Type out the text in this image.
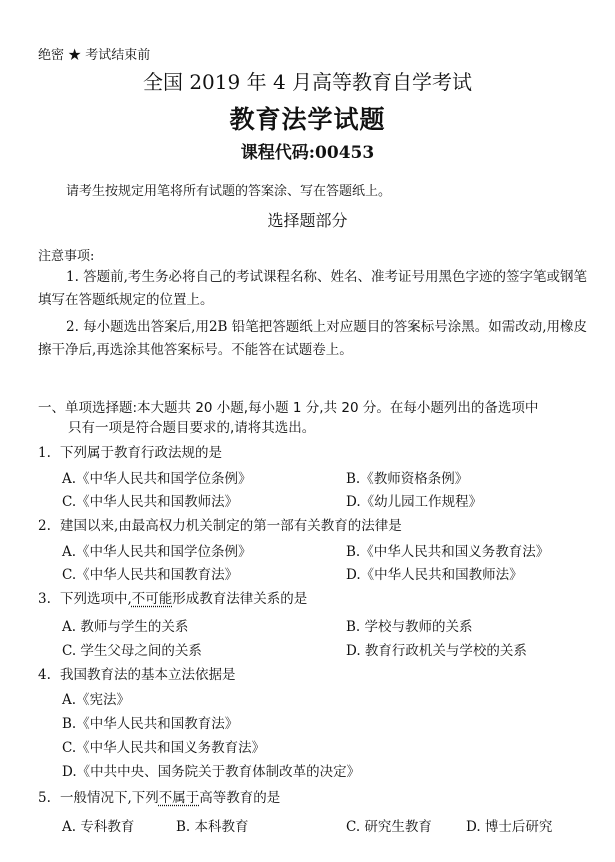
绝密 ★ 考试结束前
全国 2019 年 4 月高等教育自学考试
教育法学试题
课程代码:00453
请考生按规定用笔将所有试题的答案涂、写在答题纸上。
选择题部分
注意事项:
1. 答题前,考生务必将自己的考试课程名称、姓名、准考证号用黑色字迹的签字笔或钢笔填写在答题纸规定的位置上。
2. 每小题选出答案后,用2B 铅笔把答题纸上对应题目的答案标号涂黑。如需改动,用橡皮擦干净后,再选涂其他答案标号。不能答在试题卷上。
一、单项选择题:本大题共 20 小题,每小题 1 分,共 20 分。在每小题列出的备选项中
只有一项是符合题目要求的,请将其选出。
1. 下列属于教育行政法规的是
A.《中华人民共和国学位条例》	B.《教师资格条例》
C.《中华人民共和国教师法》	D.《幼儿园工作规程》
2. 建国以来,由最高权力机关制定的第一部有关教育的法律是
A.《中华人民共和国学位条例》	B.《中华人民共和国义务教育法》
C.《中华人民共和国教育法》	D.《中华人民共和国教师法》
3. 下列选项中,不可能形成教育法律关系的是
A. 教师与学生的关系	B. 学校与教师的关系
C. 学生父母之间的关系	D. 教育行政机关与学校的关系
4. 我国教育法的基本立法依据是
A.《宪法》
B.《中华人民共和国教育法》
C.《中华人民共和国义务教育法》
D.《中共中央、国务院关于教育体制改革的决定》
5. 一般情况下,下列不属于高等教育的是
A. 专科教育	B. 本科教育	C. 研究生教育	D. 博士后研究
